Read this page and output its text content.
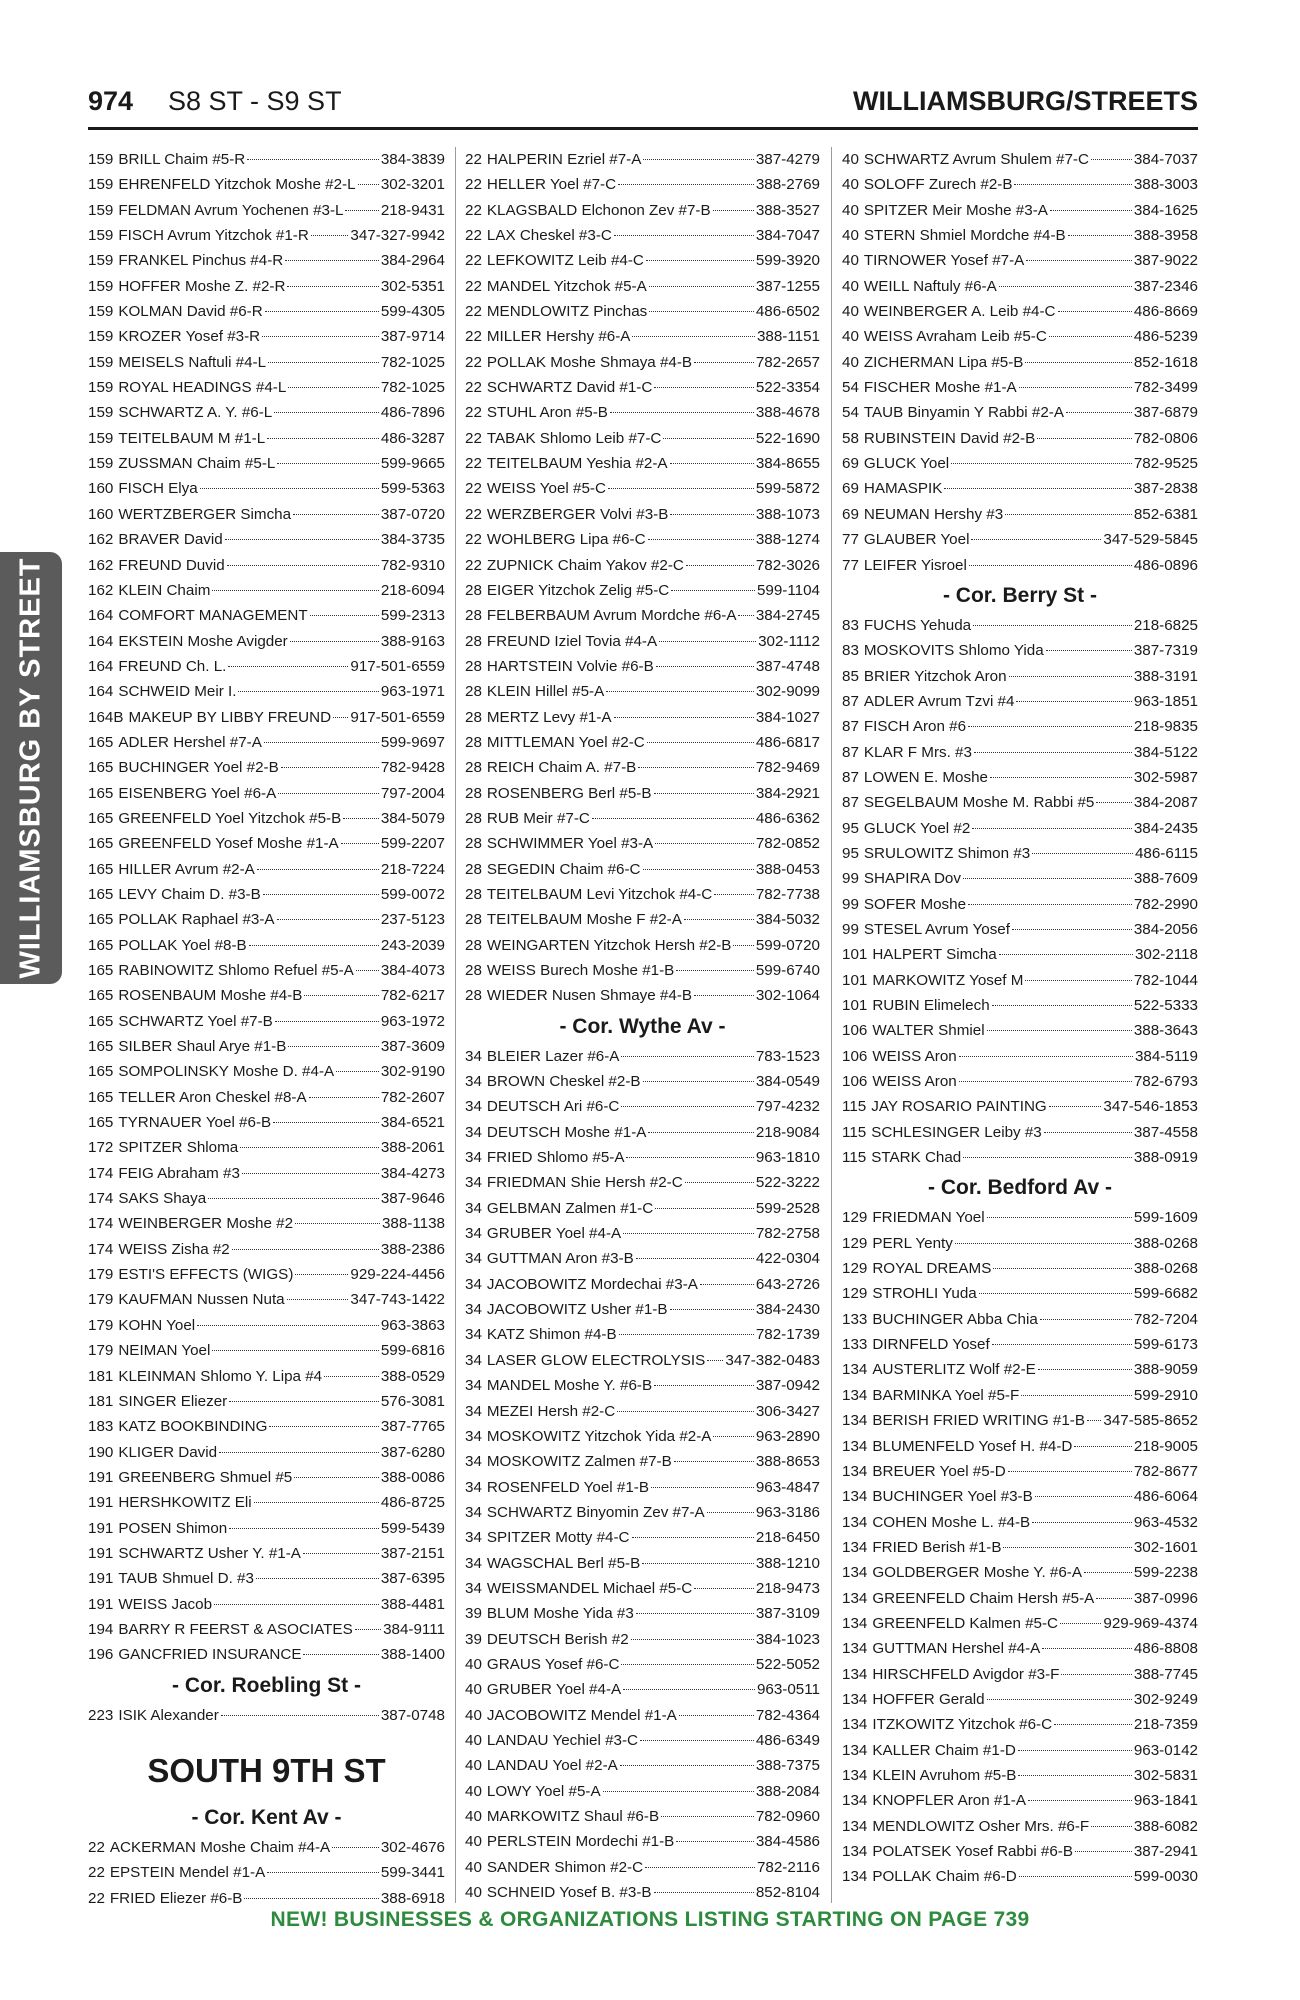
974 S8 ST - S9 ST	WILLIAMSBURG/STREETS
WILLIAMSBURG BY STREET
159 BRILL Chaim #5-R	384-3839
159 EHRENFELD Yitzchok Moshe #2-L 302-3201
159 FELDMAN Avrum Yochenen #3-L 218-9431
159 FISCH Avrum Yitzchok #1-R	347-327-9942
159 FRANKEL Pinchus #4-R	384-2964
159 HOFFER Moshe Z. #2-R	302-5351
159 KOLMAN David #6-R	599-4305
159 KROZER Yosef #3-R	387-9714
159 MEISELS Naftuli #4-L	782-1025
159 ROYAL HEADINGS #4-L	782-1025
159 SCHWARTZ A. Y. #6-L	486-7896
159 TEITELBAUM M #1-L	486-3287
159 ZUSSMAN Chaim #5-L	599-9665
160 FISCH Elya	599-5363
160 WERTZBERGER Simcha	387-0720
162 BRAVER David	384-3735
162 FREUND Duvid	782-9310
162 KLEIN Chaim	218-6094
164 COMFORT MANAGEMENT	599-2313
164 EKSTEIN Moshe Avigder	388-9163
164 FREUND Ch. L.	917-501-6559
164 SCHWEID Meir I.	963-1971
164B MAKEUP BY LIBBY FREUND 917-501-6559
165 ADLER Hershel #7-A	599-9697
165 BUCHINGER Yoel #2-B	782-9428
165 EISENBERG Yoel #6-A	797-2004
165 GREENFELD Yoel Yitzchok #5-B	384-5079
165 GREENFELD Yosef Moshe #1-A	599-2207
165 HILLER Avrum #2-A	218-7224
165 LEVY Chaim D. #3-B	599-0072
165 POLLAK Raphael #3-A	237-5123
165 POLLAK Yoel #8-B	243-2039
165 RABINOWITZ Shlomo Refuel #5-A 384-4073
165 ROSENBAUM Moshe #4-B	782-6217
165 SCHWARTZ Yoel #7-B	963-1972
165 SILBER Shaul Arye #1-B	387-3609
165 SOMPOLINSKY Moshe D. #4-A	302-9190
165 TELLER Aron Cheskel #8-A	782-2607
165 TYRNAUER Yoel #6-B	384-6521
172 SPITZER Shloma	388-2061
174 FEIG Abraham #3	384-4273
174 SAKS Shaya	387-9646
174 WEINBERGER Moshe #2	388-1138
174 WEISS Zisha #2	388-2386
179 ESTI'S EFFECTS (WIGS)	929-224-4456
179 KAUFMAN Nussen Nuta	347-743-1422
179 KOHN Yoel	963-3863
179 NEIMAN Yoel	599-6816
181 KLEINMAN Shlomo Y. Lipa #4	388-0529
181 SINGER Eliezer	576-3081
183 KATZ BOOKBINDING	387-7765
190 KLIGER David	387-6280
191 GREENBERG Shmuel #5	388-0086
191 HERSHKOWITZ Eli	486-8725
191 POSEN Shimon	599-5439
191 SCHWARTZ Usher Y. #1-A	387-2151
191 TAUB Shmuel D. #3	387-6395
191 WEISS Jacob	388-4481
194 BARRY R FEERST & ASOCIATES 384-9111
196 GANCFRIED INSURANCE	388-1400
- Cor. Roebling St -
223 ISIK Alexander	387-0748
SOUTH 9TH ST
- Cor. Kent Av -
22 ACKERMAN Moshe Chaim #4-A	302-4676
22 EPSTEIN Mendel #1-A	599-3441
22 FRIED Eliezer #6-B	388-6918
22 HALPERIN Ezriel #7-A	387-4279
22 HELLER Yoel #7-C	388-2769
22 KLAGSBALD Elchonon Zev #7-B	388-3527
22 LAX Cheskel #3-C	384-7047
22 LEFKOWITZ Leib #4-C	599-3920
22 MANDEL Yitzchok #5-A	387-1255
22 MENDLOWITZ Pinchas	486-6502
22 MILLER Hershy #6-A	388-1151
22 POLLAK Moshe Shmaya #4-B	782-2657
22 SCHWARTZ David #1-C	522-3354
22 STUHL Aron #5-B	388-4678
22 TABAK Shlomo Leib #7-C	522-1690
22 TEITELBAUM Yeshia #2-A	384-8655
22 WEISS Yoel #5-C	599-5872
22 WERZBERGER Volvi #3-B	388-1073
22 WOHLBERG Lipa #6-C	388-1274
22 ZUPNICK Chaim Yakov #2-C	782-3026
28 EIGER Yitzchok Zelig #5-C	599-1104
28 FELBERBAUM Avrum Mordche #6-A 384-2745
28 FREUND Iziel Tovia #4-A	302-1112
28 HARTSTEIN Volvie #6-B	387-4748
28 KLEIN Hillel #5-A	302-9099
28 MERTZ Levy #1-A	384-1027
28 MITTLEMAN Yoel #2-C	486-6817
28 REICH Chaim A. #7-B	782-9469
28 ROSENBERG Berl #5-B	384-2921
28 RUB Meir #7-C	486-6362
28 SCHWIMMER Yoel #3-A	782-0852
28 SEGEDIN Chaim #6-C	388-0453
28 TEITELBAUM Levi Yitzchok #4-C	782-7738
28 TEITELBAUM Moshe F #2-A	384-5032
28 WEINGARTEN Yitzchok Hersh #2-B 599-0720
28 WEISS Burech Moshe #1-B	599-6740
28 WIEDER Nusen Shmaye #4-B	302-1064
- Cor. Wythe Av -
34 BLEIER Lazer #6-A	783-1523
34 BROWN Cheskel #2-B	384-0549
34 DEUTSCH Ari #6-C	797-4232
34 DEUTSCH Moshe #1-A	218-9084
34 FRIED Shlomo #5-A	963-1810
34 FRIEDMAN Shie Hersh #2-C	522-3222
34 GELBMAN Zalmen #1-C	599-2528
34 GRUBER Yoel #4-A	782-2758
34 GUTTMAN Aron #3-B	422-0304
34 JACOBOWITZ Mordechai #3-A	643-2726
34 JACOBOWITZ Usher #1-B	384-2430
34 KATZ Shimon #4-B	782-1739
34 LASER GLOW ELECTROLYSIS 347-382-0483
34 MANDEL Moshe Y. #6-B	387-0942
34 MEZEI Hersh #2-C	306-3427
34 MOSKOWITZ Yitzchok Yida #2-A	963-2890
34 MOSKOWITZ Zalmen #7-B	388-8653
34 ROSENFELD Yoel #1-B	963-4847
34 SCHWARTZ Binyomin Zev #7-A	963-3186
34 SPITZER Motty #4-C	218-6450
34 WAGSCHAL Berl #5-B	388-1210
34 WEISSMANDEL Michael #5-C	218-9473
39 BLUM Moshe Yida #3	387-3109
39 DEUTSCH Berish #2	384-1023
40 GRAUS Yosef #6-C	522-5052
40 GRUBER Yoel #4-A	963-0511
40 JACOBOWITZ Mendel #1-A	782-4364
40 LANDAU Yechiel #3-C	486-6349
40 LANDAU Yoel #2-A	388-7375
40 LOWY Yoel #5-A	388-2084
40 MARKOWITZ Shaul #6-B	782-0960
40 PERLSTEIN Mordechi #1-B	384-4586
40 SANDER Shimon #2-C	782-2116
40 SCHNEID Yosef B. #3-B	852-8104
40 SCHWARTZ Avrum Shulem #7-C	384-7037
40 SOLOFF Zurech #2-B	388-3003
40 SPITZER Meir Moshe #3-A	384-1625
40 STERN Shmiel Mordche #4-B	388-3958
40 TIRNOWER Yosef #7-A	387-9022
40 WEILL Naftuly #6-A	387-2346
40 WEINBERGER A. Leib #4-C	486-8669
40 WEISS Avraham Leib #5-C	486-5239
40 ZICHERMAN Lipa #5-B	852-1618
54 FISCHER Moshe #1-A	782-3499
54 TAUB Binyamin Y Rabbi #2-A	387-6879
58 RUBINSTEIN David #2-B	782-0806
69 GLUCK Yoel	782-9525
69 HAMASPIK	387-2838
69 NEUMAN Hershy #3	852-6381
77 GLAUBER Yoel	347-529-5845
77 LEIFER Yisroel	486-0896
- Cor. Berry St -
83 FUCHS Yehuda	218-6825
83 MOSKOVITS Shlomo Yida	387-7319
85 BRIER Yitzchok Aron	388-3191
87 ADLER Avrum Tzvi #4	963-1851
87 FISCH Aron #6	218-9835
87 KLAR F Mrs. #3	384-5122
87 LOWEN E. Moshe	302-5987
87 SEGELBAUM Moshe M. Rabbi #5	384-2087
95 GLUCK Yoel #2	384-2435
95 SRULOWITZ Shimon #3	486-6115
99 SHAPIRA Dov	388-7609
99 SOFER Moshe	782-2990
99 STESEL Avrum Yosef	384-2056
101 HALPERT Simcha	302-2118
101 MARKOWITZ Yosef M	782-1044
101 RUBIN Elimelech	522-5333
106 WALTER Shmiel	388-3643
106 WEISS Aron	384-5119
106 WEISS Aron	782-6793
115 JAY ROSARIO PAINTING	347-546-1853
115 SCHLESINGER Leiby #3	387-4558
115 STARK Chad	388-0919
- Cor. Bedford Av -
129 FRIEDMAN Yoel	599-1609
129 PERL Yenty	388-0268
129 ROYAL DREAMS	388-0268
129 STROHLI Yuda	599-6682
133 BUCHINGER Abba Chia	782-7204
133 DIRNFELD Yosef	599-6173
134 AUSTERLITZ Wolf #2-E	388-9059
134 BARMINKA Yoel #5-F	599-2910
134 BERISH FRIED WRITING #1-B 347-585-8652
134 BLUMENFELD Yosef H. #4-D	218-9005
134 BREUER Yoel #5-D	782-8677
134 BUCHINGER Yoel #3-B	486-6064
134 COHEN Moshe L. #4-B	963-4532
134 FRIED Berish #1-B	302-1601
134 GOLDBERGER Moshe Y. #6-A	599-2238
134 GREENFELD Chaim Hersh #5-A	387-0996
134 GREENFELD Kalmen #5-C	929-969-4374
134 GUTTMAN Hershel #4-A	486-8808
134 HIRSCHFELD Avigdor #3-F	388-7745
134 HOFFER Gerald	302-9249
134 ITZKOWITZ Yitzchok #6-C	218-7359
134 KALLER Chaim #1-D	963-0142
134 KLEIN Avruhom #5-B	302-5831
134 KNOPFLER Aron #1-A	963-1841
134 MENDLOWITZ Osher Mrs. #6-F	388-6082
134 POLATSEK Yosef Rabbi #6-B	387-2941
134 POLLAK Chaim #6-D	599-0030
NEW! BUSINESSES & ORGANIZATIONS LISTING STARTING ON PAGE 739
